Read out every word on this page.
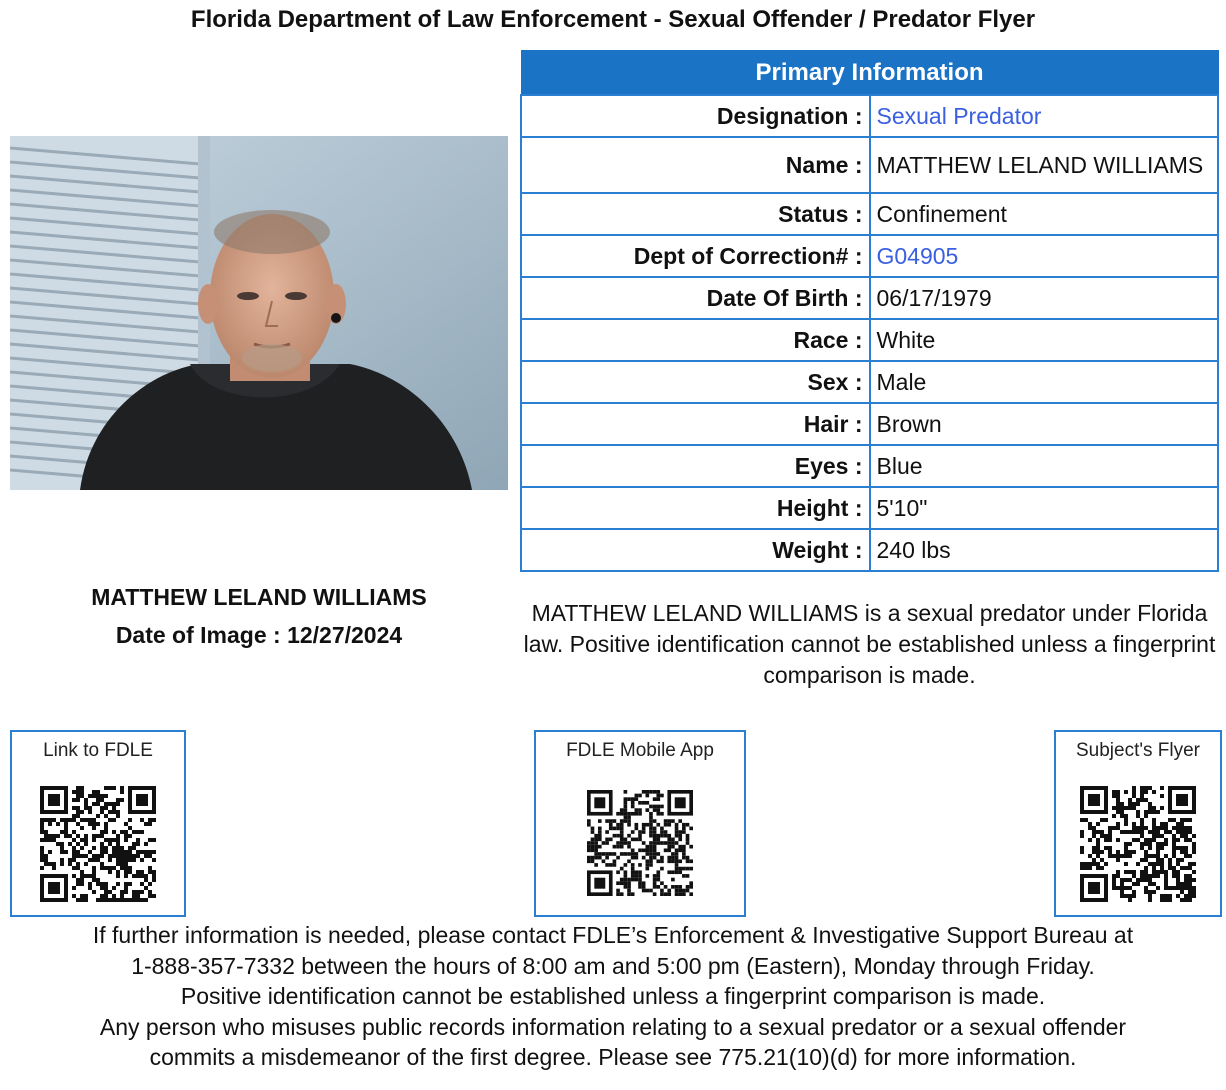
Florida Department of Law Enforcement - Sexual Offender / Predator Flyer
MATTHEW LELAND WILLIAMS
Date of Image : 12/27/2024
Primary Information	
Designation :	Sexual Predator
Name :	MATTHEW LELAND WILLIAMS
Status :	Confinement
Dept of Correction# :	G04905
Date Of Birth :	06/17/1979
Race :	White
Sex :	Male
Hair :	Brown
Eyes :	Blue
Height :	5'10"
Weight :	240 lbs
MATTHEW LELAND WILLIAMS is a sexual predator under Florida law. Positive identification cannot be established unless a fingerprint comparison is made.
Link to FDLE	FDLE Mobile App	Subject's Flyer
If further information is needed, please contact FDLE’s Enforcement & Investigative Support Bureau at
1-888-357-7332 between the hours of 8:00 am and 5:00 pm (Eastern), Monday through Friday.
Positive identification cannot be established unless a fingerprint comparison is made.
Any person who misuses public records information relating to a sexual predator or a sexual offender
commits a misdemeanor of the first degree. Please see 775.21(10)(d) for more information.
